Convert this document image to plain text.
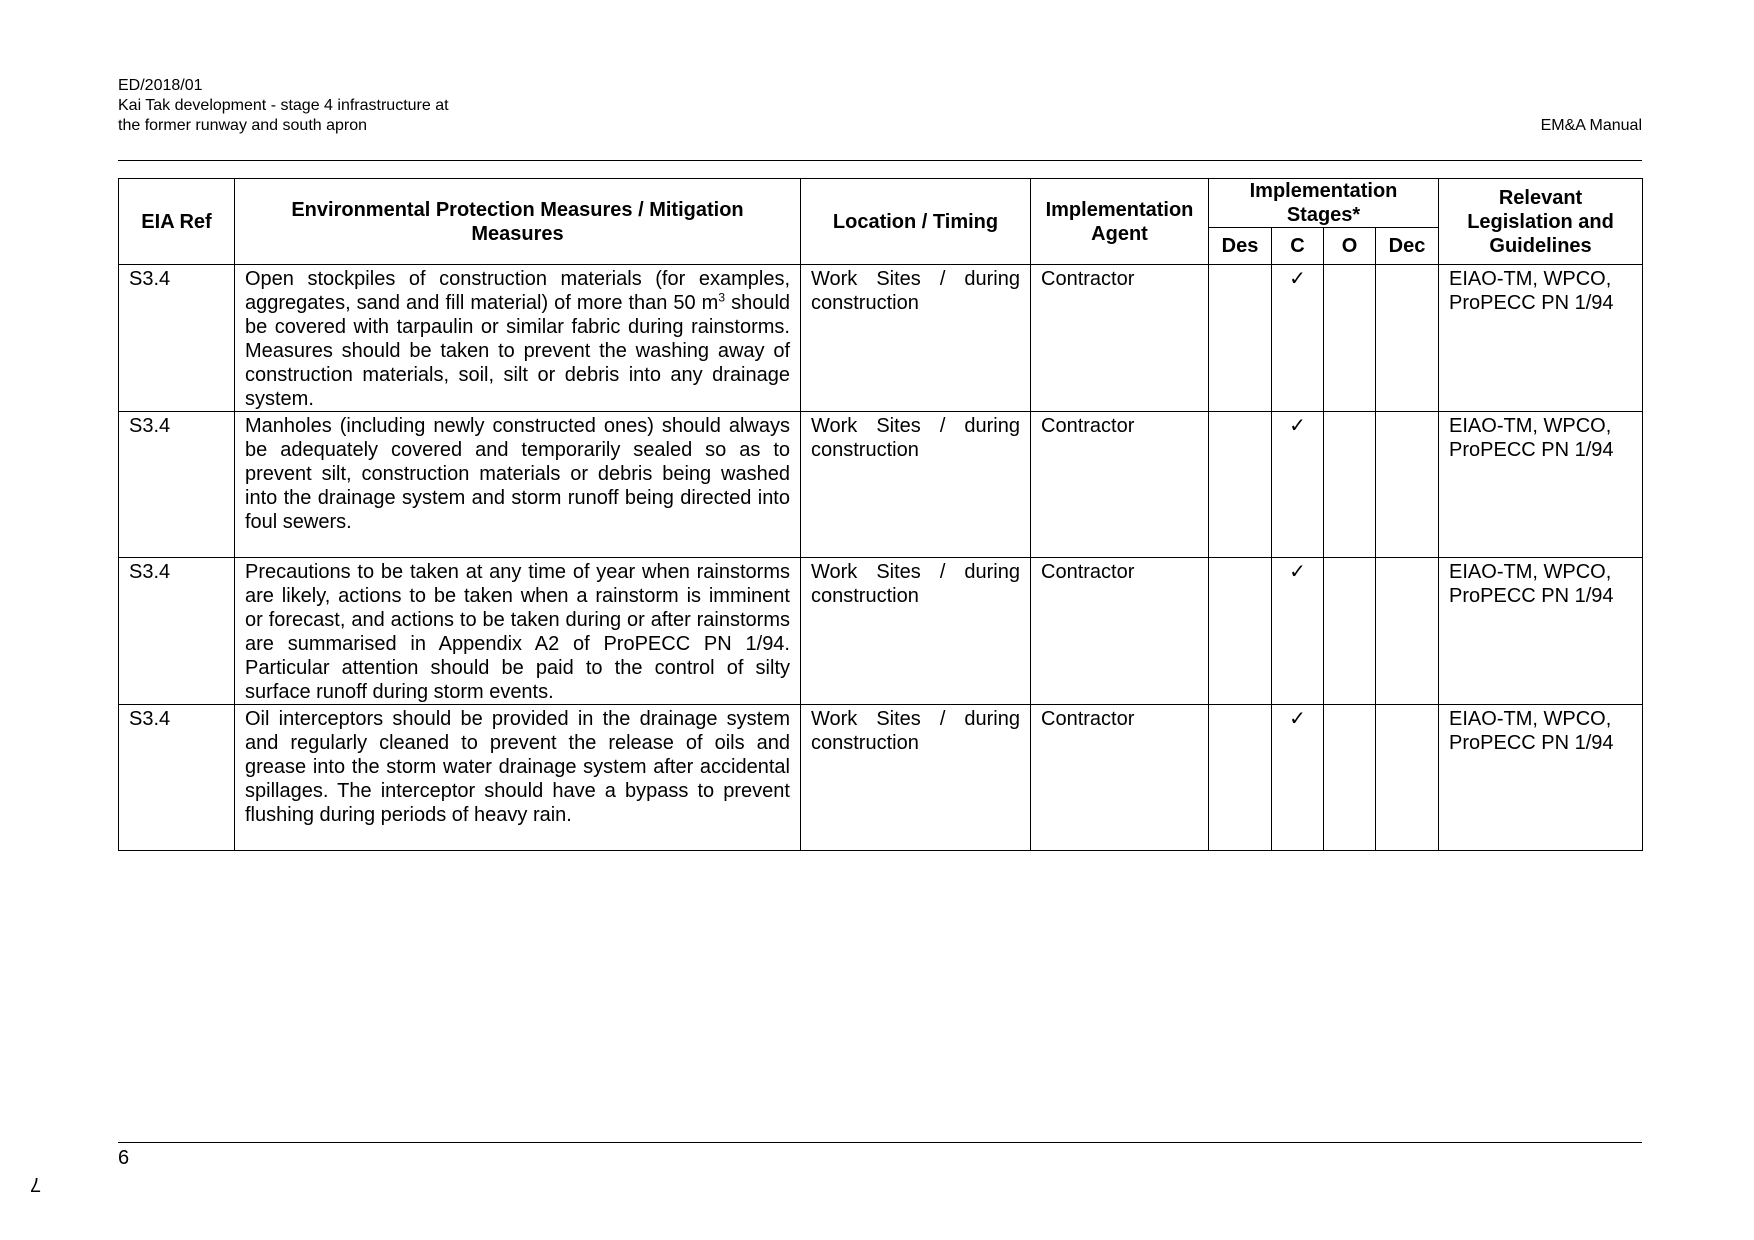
ED/2018/01
Kai Tak development - stage 4 infrastructure at
the former runway and south apron	EM&A Manual
EIA Ref	Environmental Protection Measures / Mitigation Measures	Location / Timing	Implementation Agent	Implementation Stages*				Relevant Legislation and Guidelines
				Des	C	O	Dec	
S3.4	Open stockpiles of construction materials (for examples, aggregates, sand and fill material) of more than 50 $m^3$ should be covered with tarpaulin or similar fabric during rainstorms. Measures should be taken to prevent the washing away of construction materials, soil, silt or debris into any drainage system.	Work Sites / during construction	Contractor		✓			EIAO-TM, WPCO, ProPECC PN 1/94
S3.4	Manholes (including newly constructed ones) should always be adequately covered and temporarily sealed so as to prevent silt, construction materials or debris being washed into the drainage system and storm runoff being directed into foul sewers.	Work Sites / during construction	Contractor		✓			EIAO-TM, WPCO, ProPECC PN 1/94
S3.4	Precautions to be taken at any time of year when rainstorms are likely, actions to be taken when a rainstorm is imminent or forecast, and actions to be taken during or after rainstorms are summarised in Appendix A2 of ProPECC PN 1/94. Particular attention should be paid to the control of silty surface runoff during storm events.	Work Sites / during construction	Contractor		✓			EIAO-TM, WPCO, ProPECC PN 1/94
S3.4	Oil interceptors should be provided in the drainage system and regularly cleaned to prevent the release of oils and grease into the storm water drainage system after accidental spillages. The interceptor should have a bypass to prevent flushing during periods of heavy rain.	Work Sites / during construction	Contractor		✓			EIAO-TM, WPCO, ProPECC PN 1/94
6
7
